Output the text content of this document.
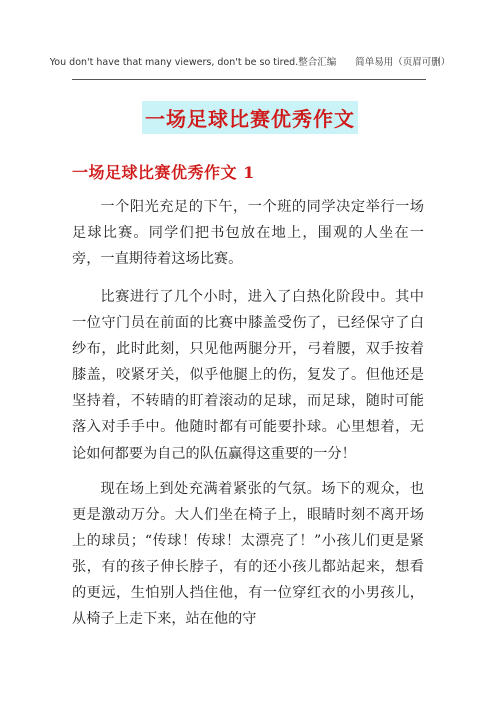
You don't have that many viewers, don't be so tired.整合汇编　　简单易用（页眉可删）
一场足球比赛优秀作文
一场足球比赛优秀作文 1

一个阳光充足的下午，一个班的同学决定举行一场足球比赛。同学们把书包放在地上，围观的人坐在一旁，一直期待着这场比赛。

比赛进行了几个小时，进入了白热化阶段中。其中一位守门员在前面的比赛中膝盖受伤了，已经保守了白纱布，此时此刻，只见他两腿分开，弓着腰，双手按着膝盖，咬紧牙关，似乎他腿上的伤，复发了。但他还是坚持着，不转睛的盯着滚动的足球，而足球，随时可能落入对手手中。他随时都有可能要扑球。心里想着，无论如何都要为自己的队伍赢得这重要的一分！

现在场上到处充满着紧张的气氛。场下的观众，也更是激动万分。大人们坐在椅子上，眼睛时刻不离开场上的球员；“传球！传球！太漂亮了！”小孩儿们更是紧张，有的孩子伸长脖子，有的还小孩儿都站起来，想看的更远，生怕别人挡住他，有一位穿红衣的小男孩儿，从椅子上走下来，站在他的守
